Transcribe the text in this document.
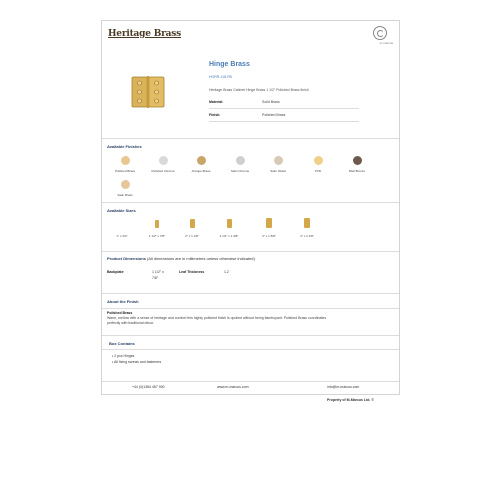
Heritage Brass
m-marcus
Hinge Brass
HORR-118-PB
Heritage Brass Cabinet Hinge Brass 1 1/2" Polished Brass finish
Material:	Solid Brass
Finish:	Polished Brass
Available Finishes
Polished Brass	Polished Chrome	Antique Brass	Satin Chrome	Satin Nickel	PVD	Matt Bronze
Satin Brass
Available Sizes
1" x 3/4"	1 1/2" x 7/8"	2" x 1 1/8"	2 1/2" x 1 3/8"	3" x 1 5/8"	4" x 2 1/8"
Product Dimensions (All dimensions are in millimetres unless otherwise indicated)
Backplate	1 1/2" x
7/8"
Leaf Thickness	1.2
About the Finish
Polished Brass
Warm, mellow with a sense of heritage and comfort this highly polished finish is opulent without being flamboyant. Polished Brass coordinates
perfectly with traditional décor.
Box Contains
• 2 pcs Hinges
• All fixing screws and fasteners
+44 (0)1384 457 900	www.m-marcus.com	info@m-marcus.com
Property of M-Marcus Ltd. ©
